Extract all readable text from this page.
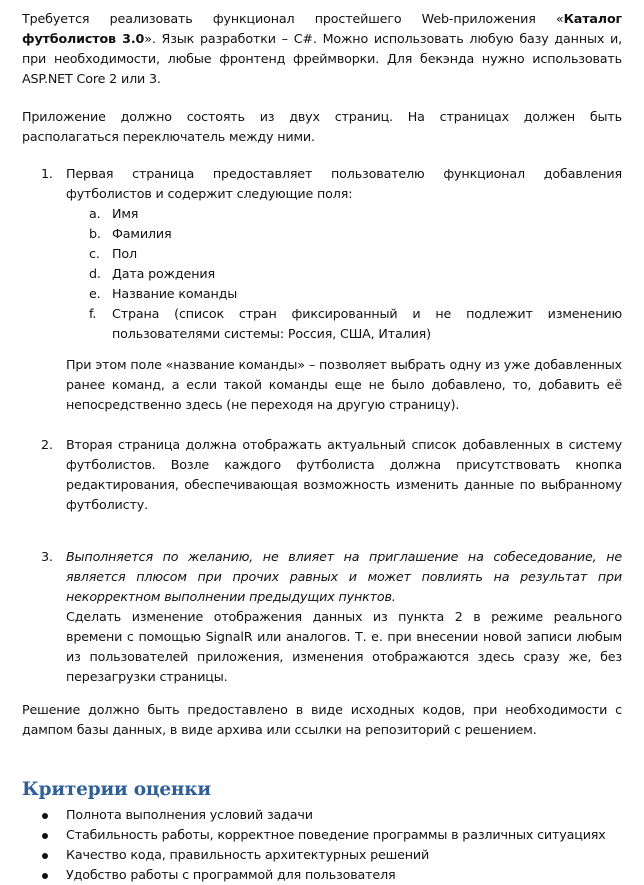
Требуется реализовать функционал простейшего Web-приложения «Каталог футболистов 3.0». Язык разработки – C#. Можно использовать любую базу данных и, при необходимости, любые фронтенд фреймворки. Для бекэнда нужно использовать ASP.NET Core 2 или 3.

Приложение должно состоять из двух страниц. На страницах должен быть располагаться переключатель между ними.

1. Первая страница предоставляет пользователю функционал добавления футболистов и содержит следующие поля:

a. Имя
b. Фамилия
c. Пол
d. Дата рождения
e. Название команды
f. Страна (список стран фиксированный и не подлежит изменению пользователями системы: Россия, США, Италия)

При этом поле «название команды» – позволяет выбрать одну из уже добавленных ранее команд, а если такой команды еще не было добавлено, то, добавить её непосредственно здесь (не переходя на другую страницу).

2. Вторая страница должна отображать актуальный список добавленных в систему футболистов. Возле каждого футболиста должна присутствовать кнопка редактирования, обеспечивающая возможность изменить данные по выбранному футболисту.

3. Выполняется по желанию, не влияет на приглашение на собеседование, не является плюсом при прочих равных и может повлиять на результат при некорректном выполнении предыдущих пунктов.

Сделать изменение отображения данных из пункта 2 в режиме реального времени с помощью SignalR или аналогов. Т. е. при внесении новой записи любым из пользователей приложения, изменения отображаются здесь сразу же, без перезагрузки страницы.

Решение должно быть предоставлено в виде исходных кодов, при необходимости с дампом базы данных, в виде архива или ссылки на репозиторий с решением.

Критерии оценки
Полнота выполнения условий задачи
Стабильность работы, корректное поведение программы в различных ситуациях
Качество кода, правильность архитектурных решений
Удобство работы с программой для пользователя
